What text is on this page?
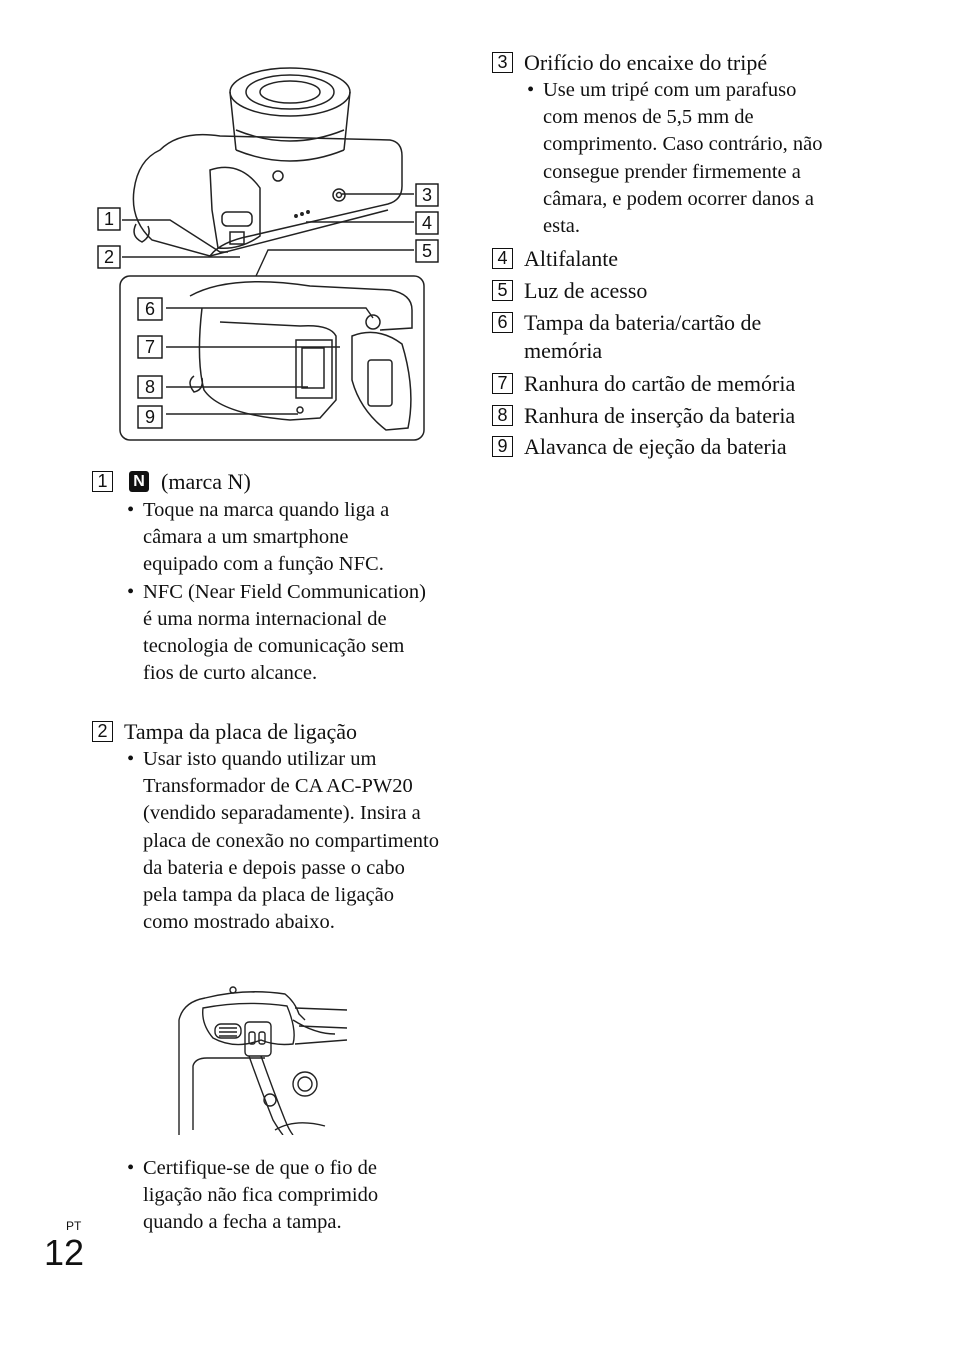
1
2
3
4
5
6
7
8
9
1	N (marca N)
• Toque na marca quando liga a câmara a um smartphone equipado com a função NFC.
• NFC (Near Field Communication) é uma norma internacional de tecnologia de comunicação sem fios de curto alcance.
2 Tampa da placa de ligação
• Usar isto quando utilizar um Transformador de CA AC-PW20 (vendido separadamente). Insira a placa de conexão no compartimento da bateria e depois passe o cabo pela tampa da placa de ligação como mostrado abaixo.
• Certifique-se de que o fio de ligação não fica comprimido quando a fecha a tampa.
3 Orifício do encaixe do tripé
• Use um tripé com um parafuso com menos de 5,5 mm de comprimento. Caso contrário, não consegue prender firmemente a câmara, e podem ocorrer danos a esta.
4 Altifalante
5 Luz de acesso
6 Tampa da bateria/cartão de memória
7 Ranhura do cartão de memória
8 Ranhura de inserção da bateria
9 Alavanca de ejeção da bateria
PT
12
